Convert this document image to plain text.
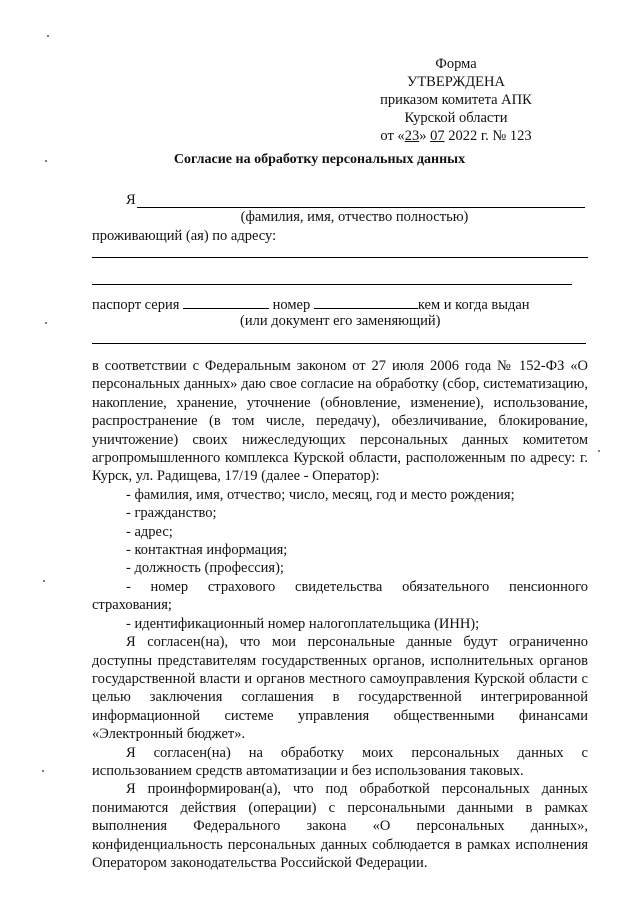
Форма
УТВЕРЖДЕНА
приказом комитета АПК
Курской области
от «23» 07 2022 г. № 123
Согласие на обработку персональных данных
Я
(фамилия, имя, отчество полностью)
проживающий (ая) по адресу:
паспорт серия	номер	кем и когда выдан
(или документ его заменяющий)

в соответствии с Федеральным законом от 27 июля 2006 года № 152-ФЗ «О персональных данных» даю свое согласие на обработку (сбор, систематизацию, накопление, хранение, уточнение (обновление, изменение), использование, распространение (в том числе, передачу), обезличивание, блокирование, уничтожение) своих нижеследующих персональных данных комитетом агропромышленного комплекса Курской области, расположенным по адресу: г. Курск, ул. Радищева, 17/19 (далее - Оператор):

- фамилия, имя, отчество; число, месяц, год и место рождения;

- гражданство;

- адрес;

- контактная информация;

- должность (профессия);

- номер страхового свидетельства обязательного пенсионного страхования;

- идентификационный номер налогоплательщика (ИНН);

Я согласен(на), что мои персональные данные будут ограниченно доступны представителям государственных органов, исполнительных органов государственной власти и органов местного самоуправления Курской области с целью заключения соглашения в государственной интегрированной информационной системе управления общественными финансами «Электронный бюджет».

Я согласен(на) на обработку моих персональных данных с использованием средств автоматизации и без использования таковых.

Я проинформирован(а), что под обработкой персональных данных понимаются действия (операции) с персональными данными в рамках выполнения Федерального закона «О персональных данных», конфиденциальность персональных данных соблюдается в рамках исполнения Оператором законодательства Российской Федерации.
